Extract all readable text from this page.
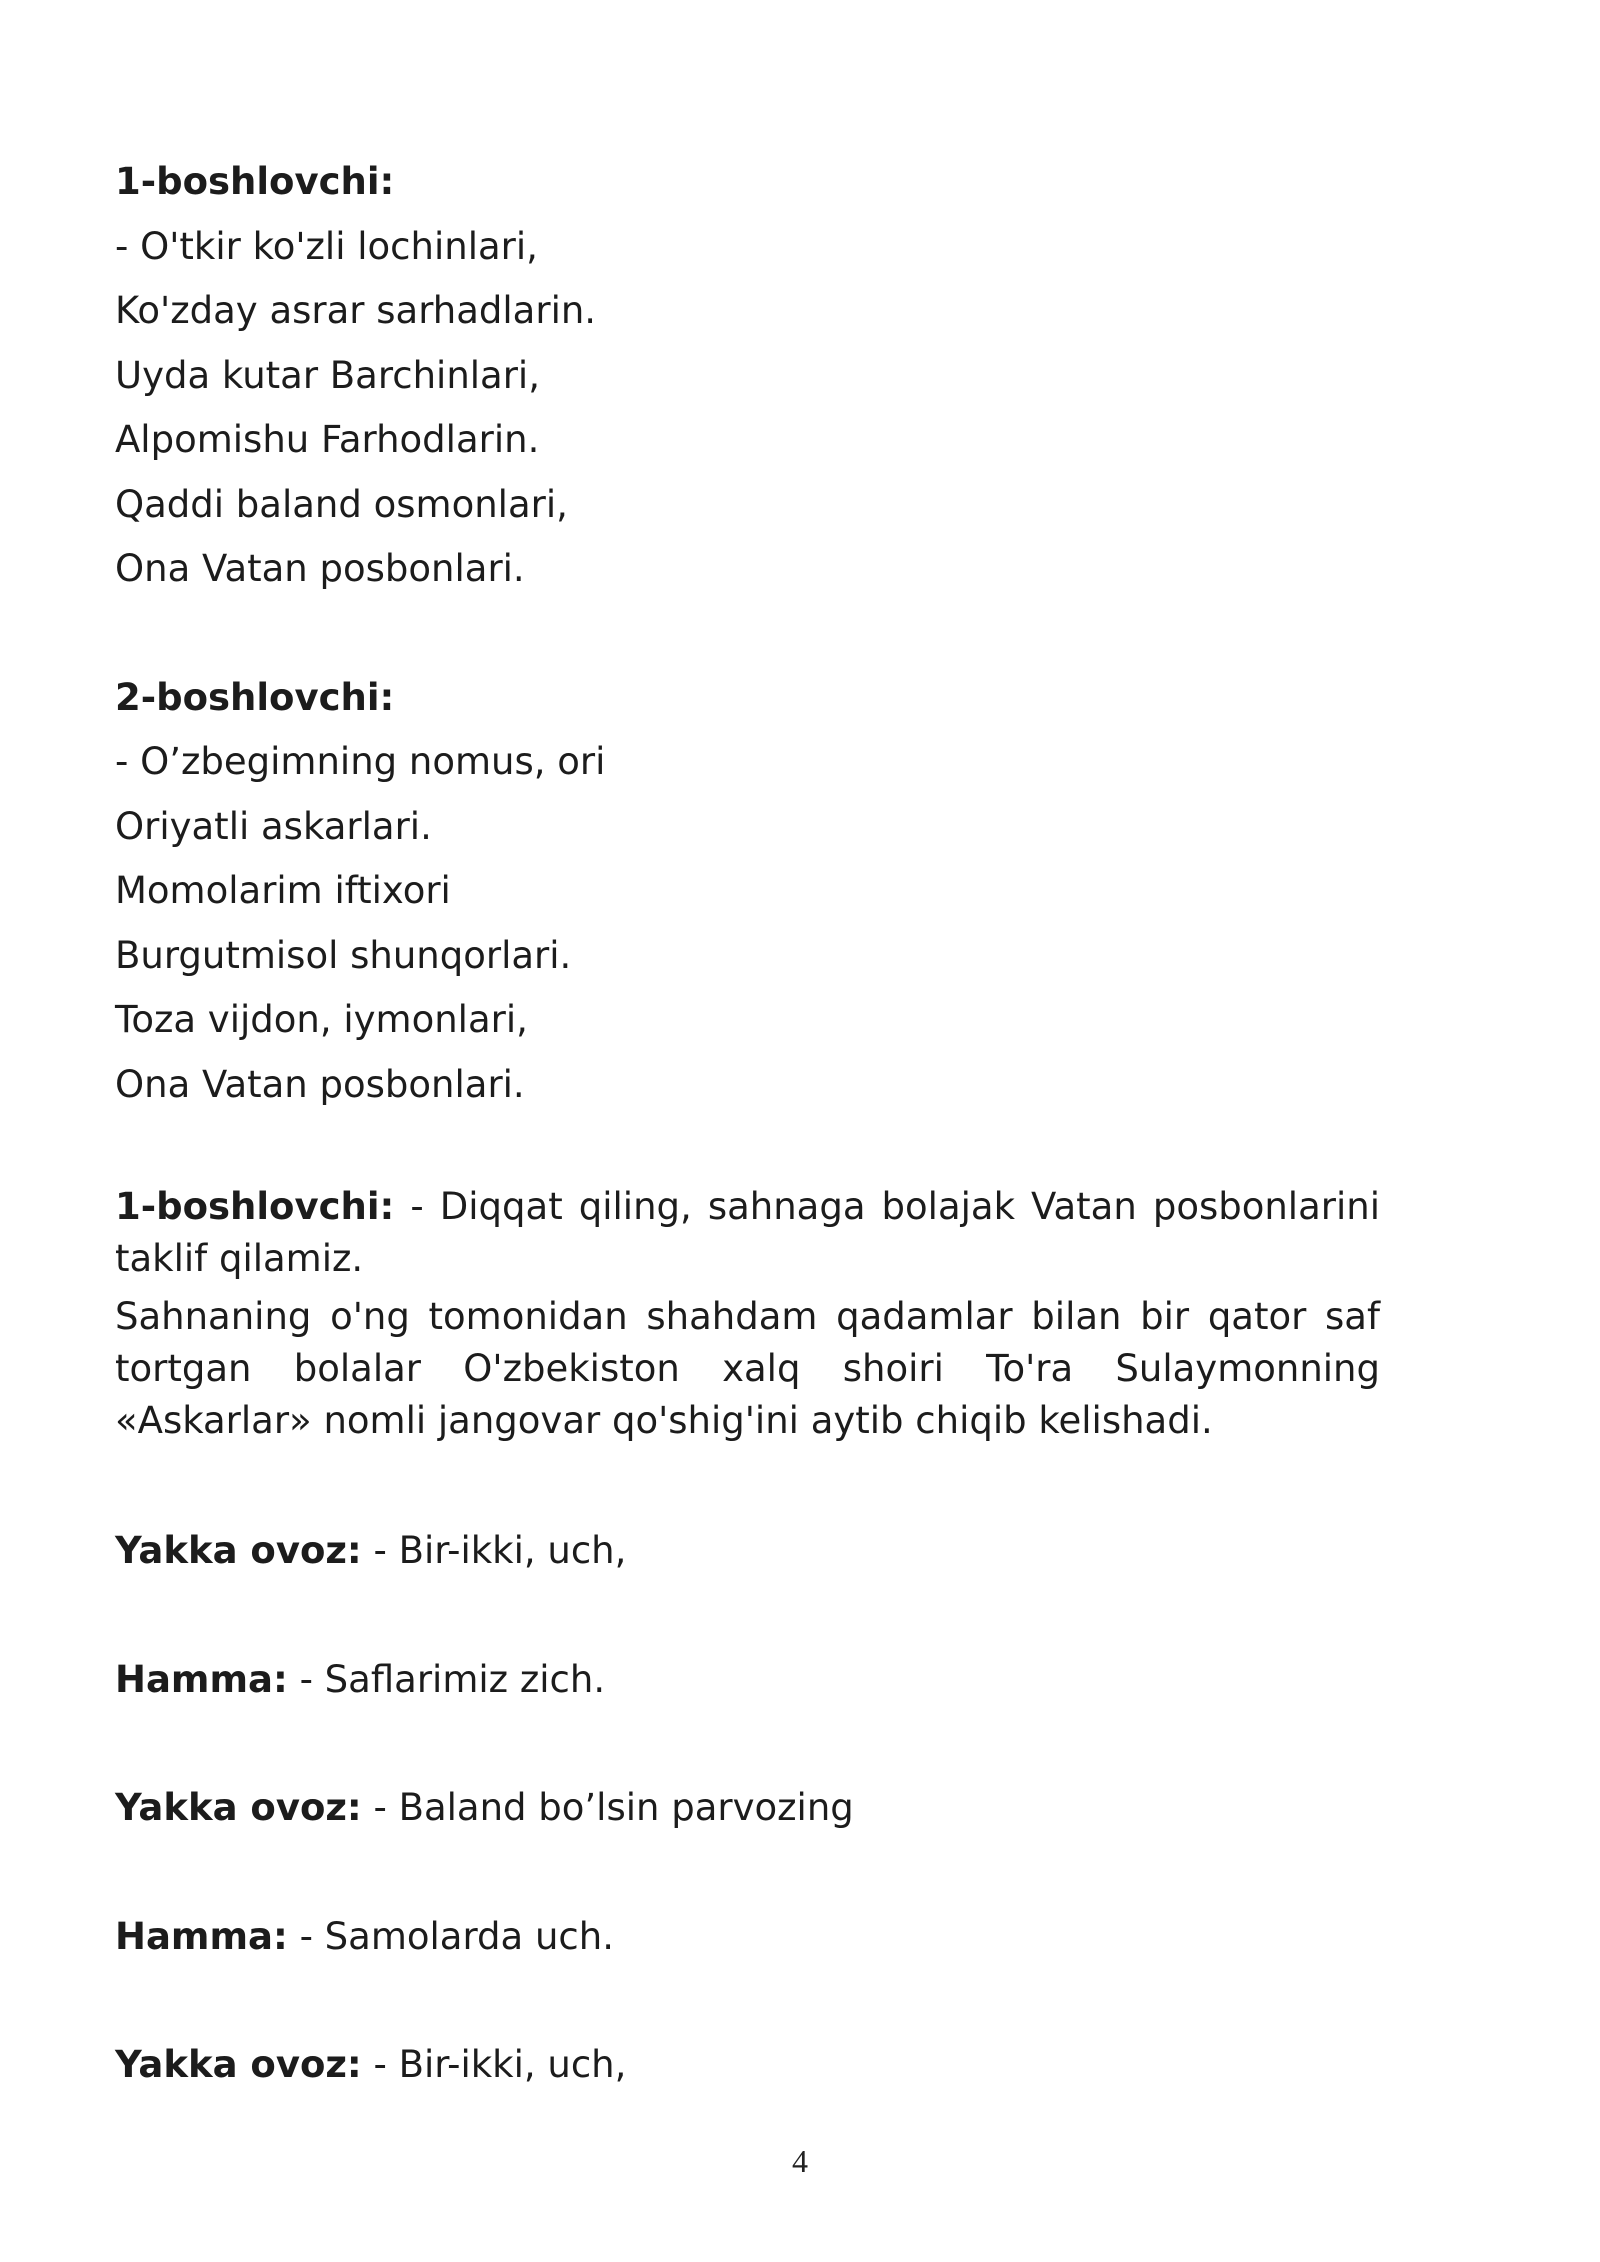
1-boshlovchi:

- O'tkir ko'zli lochinlari,

Ko'zday asrar sarhadlarin.

Uyda kutar Barchinlari,

Alpomishu Farhodlarin.

Qaddi baland osmonlari,

Ona Vatan posbonlari.

2-boshlovchi:

- O’zbegimning nomus, ori

Oriyatli askarlari.

Momolarim iftixori

Burgutmisol shunqorlari.

Toza vijdon, iymonlari,

Ona Vatan posbonlari.

1-boshlovchi: - Diqqat qiling, sahnaga bolajak Vatan posbonlarini taklif qilamiz.

Sahnaning o'ng tomonidan shahdam qadamlar bilan bir qator saf tortgan bolalar O'zbekiston xalq shoiri To'ra Sulaymonning «Askarlar» nomli jangovar qo'shig'ini aytib chiqib kelishadi.

Yakka ovoz: - Bir-ikki, uch,

Hamma: - Saflarimiz zich.

Yakka ovoz: - Baland bo’lsin parvozing

Hamma: - Samolarda uch.

Yakka ovoz: - Bir-ikki, uch,

4
